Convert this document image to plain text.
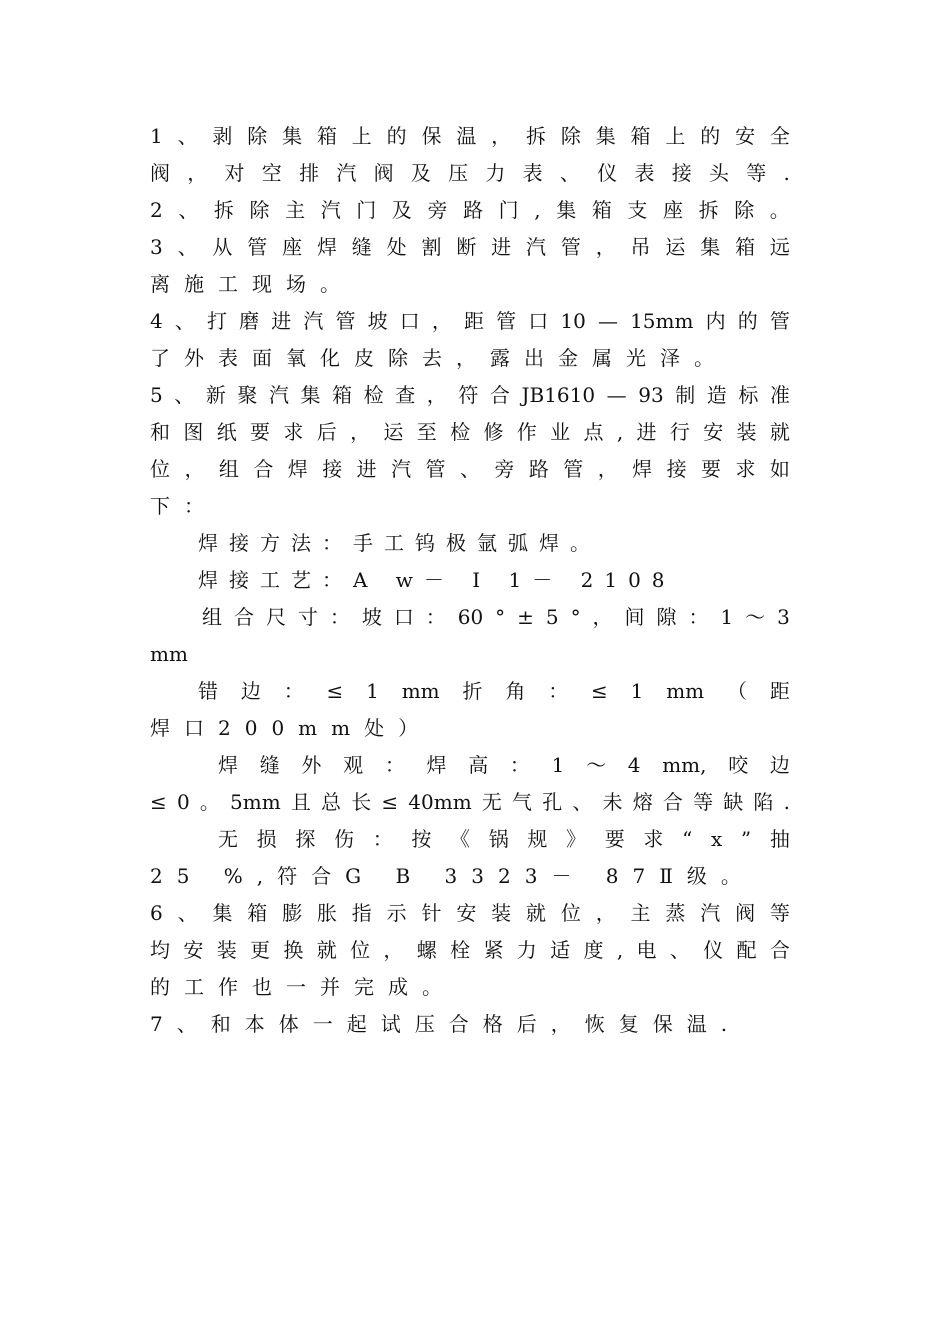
1 、 剥 除 集 箱 上 的 保 温 ， 拆 除 集 箱 上 的 安 全
阀 ， 对 空 排 汽 阀 及 压 力 表 、 仪 表 接 头 等 .
2 、 拆 除 主 汽 门 及 旁 路 门 , 集 箱 支 座 拆 除 。
3 、 从 管 座 焊 缝 处 割 断 进 汽 管 ， 吊 运 集 箱 远
离施工现场。
4 、 打 磨 进 汽 管 坡 口 ， 距 管 口 10 — 15mm 内 的 管
了外表面氧化皮除去，露出金属光泽。
5 、 新 聚 汽 集 箱 检 查 ， 符 合 JB1610 — 93 制 造 标 准
和 图 纸 要 求 后 ， 运 至 检 修 作 业 点 , 进 行 安 装 就
位 ， 组 合 焊 接 进 汽 管 、 旁 路 管 ， 焊 接 要 求 如
下：
焊接方法：手工钨极氩弧焊。
焊接工艺：A w－ I 1－ 2108
组 合 尺 寸 ： 坡 口 ： 60 ° ± 5 ° ， 间 隙 ： 1 ～ 3
mm
错 边 ： ≤ 1 mm 折 角 ： ≤ 1 mm （ 距
焊口200mm处）
焊 缝 外 观 ： 焊 高 ： 1 ～ 4 mm, 咬 边
≤ 0 。 5mm 且 总 长 ≤ 40mm 无 气 孔 、 未 熔 合 等 缺 陷 .
无 损 探 伤 ： 按 《 锅 规 》 要 求 “ x ” 抽
25 %,符合G B 3323－ 87Ⅱ级。
6 、 集 箱 膨 胀 指 示 针 安 装 就 位 ， 主 蒸 汽 阀 等
均 安 装 更 换 就 位 ， 螺 栓 紧 力 适 度 , 电 、 仪 配 合
的工作也一并完成。
7、和本体一起试压合格后，恢复保温.
